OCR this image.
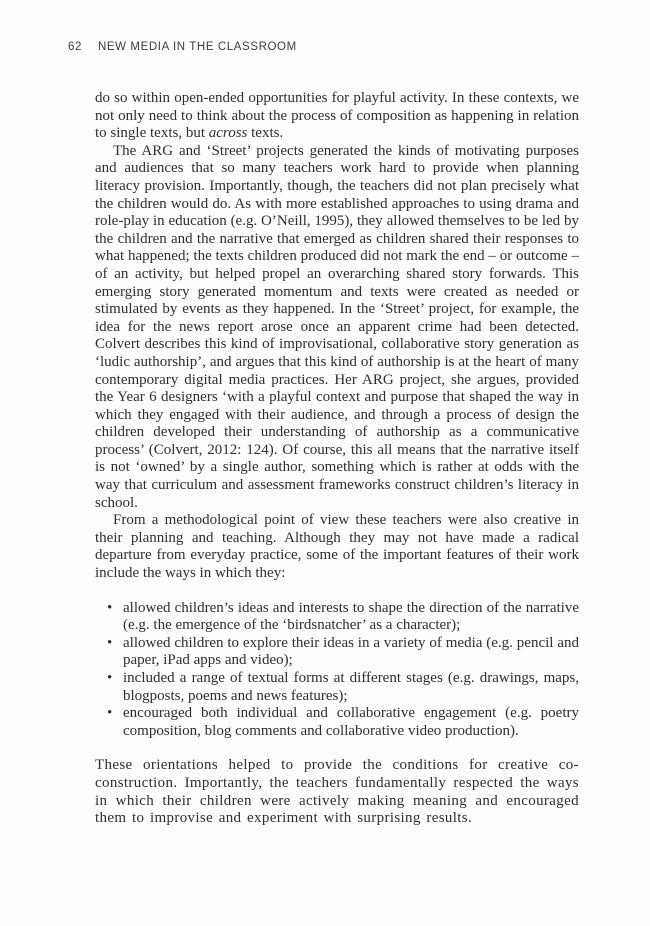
62 NEW MEDIA IN THE CLASSROOM

do so within open-ended opportunities for playful activity. In these contexts, we not only need to think about the process of composition as happening in relation to single texts, but across texts.

The ARG and ‘Street’ projects generated the kinds of motivating purposes and audiences that so many teachers work hard to provide when planning literacy provision. Importantly, though, the teachers did not plan precisely what the children would do. As with more established approaches to using drama and role-play in education (e.g. O’Neill, 1995), they allowed themselves to be led by the children and the narrative that emerged as children shared their responses to what happened; the texts children produced did not mark the end – or outcome – of an activity, but helped propel an overarching shared story forwards. This emerging story generated momentum and texts were created as needed or stimulated by events as they happened. In the ‘Street’ project, for example, the idea for the news report arose once an apparent crime had been detected. Colvert describes this kind of improvisational, collaborative story generation as ‘ludic authorship’, and argues that this kind of authorship is at the heart of many contemporary digital media practices. Her ARG project, she argues, provided the Year 6 designers ‘with a playful context and purpose that shaped the way in which they engaged with their audience, and through a process of design the children developed their understanding of authorship as a communicative process’ (Colvert, 2012: 124). Of course, this all means that the narrative itself is not ‘owned’ by a single author, something which is rather at odds with the way that curriculum and assessment frameworks construct children’s literacy in school.

From a methodological point of view these teachers were also creative in their planning and teaching. Although they may not have made a radical departure from everyday practice, some of the important features of their work include the ways in which they:

• allowed children’s ideas and interests to shape the direction of the narrative (e.g. the emergence of the ‘birdsnatcher’ as a character);
• allowed children to explore their ideas in a variety of media (e.g. pencil and paper, iPad apps and video);
• included a range of textual forms at different stages (e.g. drawings, maps, blogposts, poems and news features);
• encouraged both individual and collaborative engagement (e.g. poetry composition, blog comments and collaborative video production).

These orientations helped to provide the conditions for creative co-construction. Importantly, the teachers fundamentally respected the ways in which their children were actively making meaning and encouraged them to improvise and experiment with surprising results.
